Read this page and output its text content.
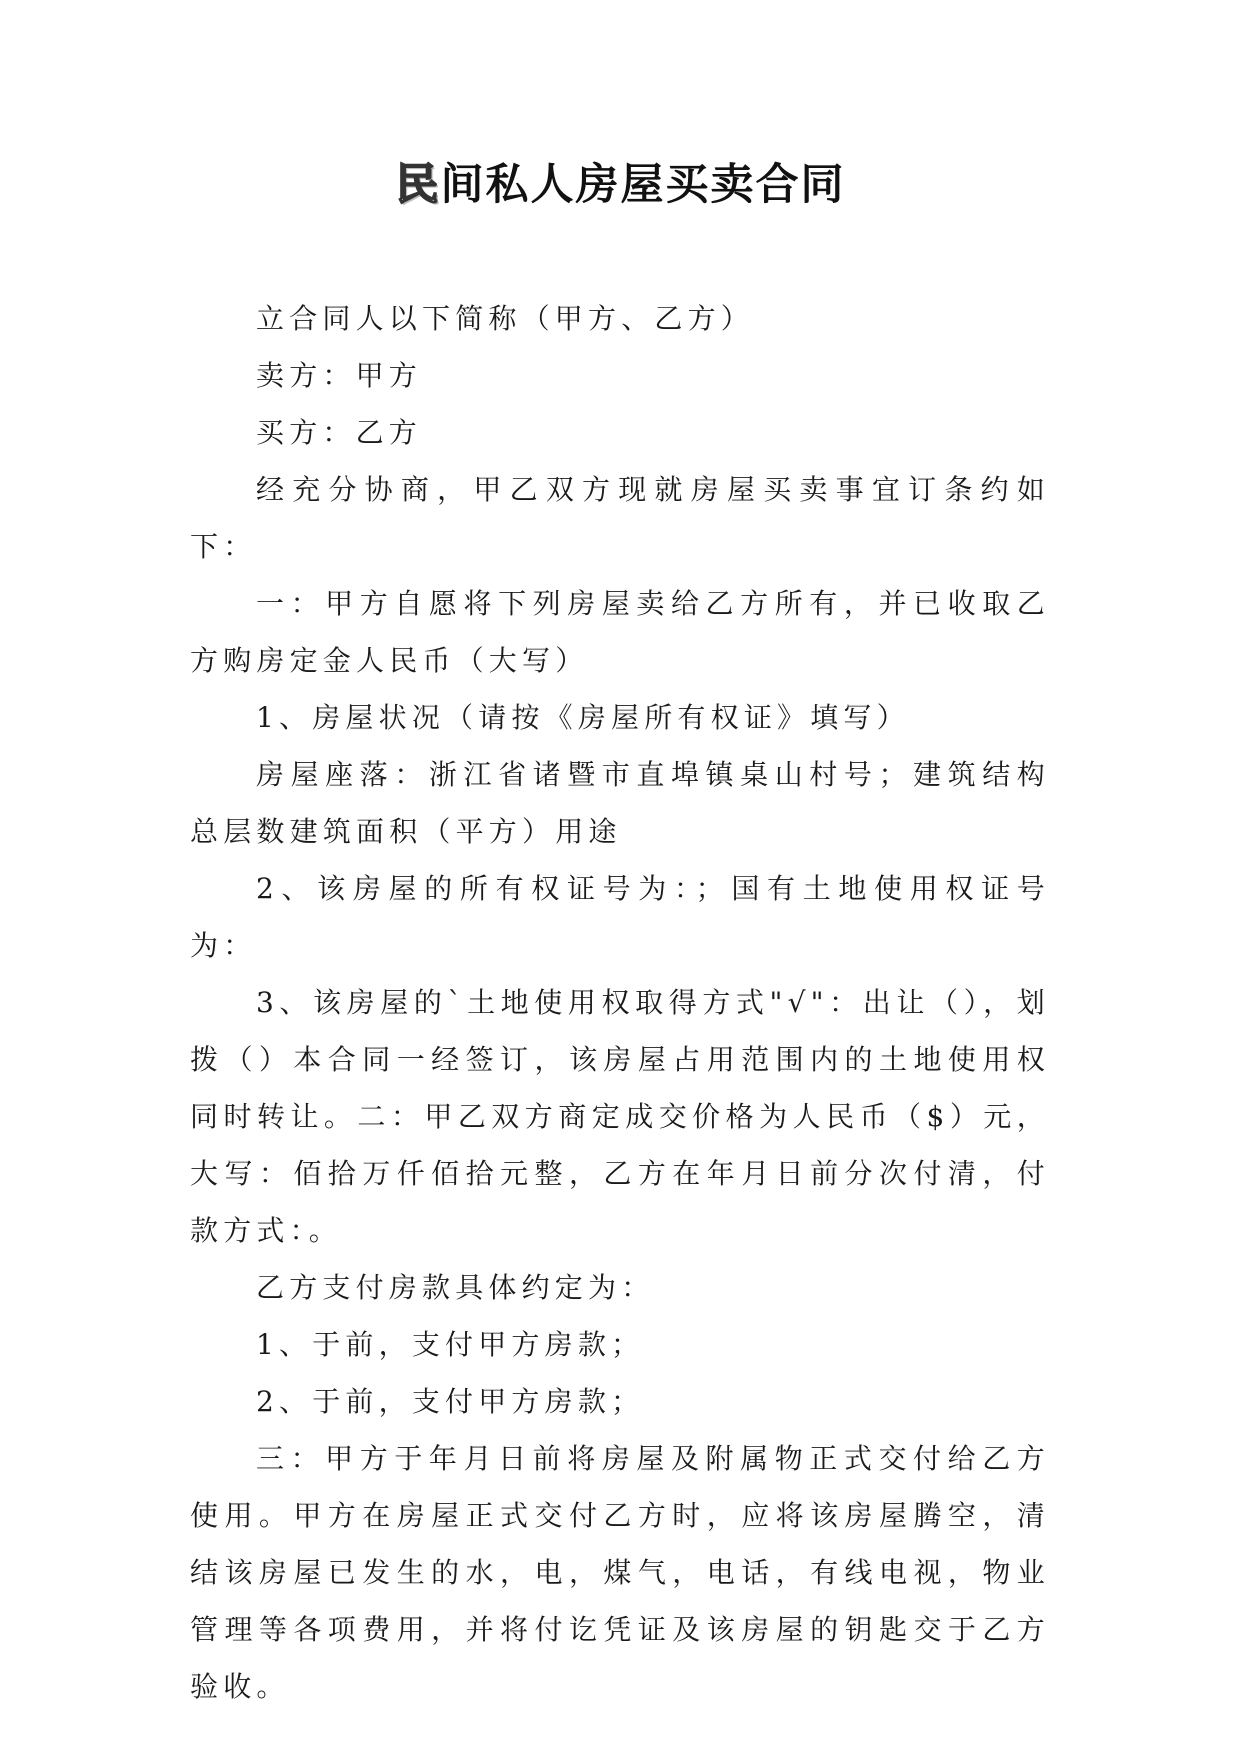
民间私人房屋买卖合同

立合同人以下简称（甲方、乙方）

卖方：甲方

买方：乙方

经充分协商，甲乙双方现就房屋买卖事宜订条约如下：

一：甲方自愿将下列房屋卖给乙方所有，并已收取乙方购房定金人民币（大写）

1、房屋状况（请按《房屋所有权证》填写）

房屋座落：浙江省诸暨市直埠镇桌山村号；建筑结构总层数建筑面积（平方）用途

2、该房屋的所有权证号为：；国有土地使用权证号为：

3、该房屋的`土地使用权取得方式"√"：出让（），划拨（）本合同一经签订，该房屋占用范围内的土地使用权同时转让。二：甲乙双方商定成交价格为人民币（$）元，大写：佰拾万仟佰拾元整，乙方在年月日前分次付清，付款方式：。

乙方支付房款具体约定为：

1、于前，支付甲方房款；

2、于前，支付甲方房款；

三：甲方于年月日前将房屋及附属物正式交付给乙方使用。甲方在房屋正式交付乙方时，应将该房屋腾空，清结该房屋已发生的水，电，煤气，电话，有线电视，物业管理等各项费用，并将付讫凭证及该房屋的钥匙交于乙方验收。
